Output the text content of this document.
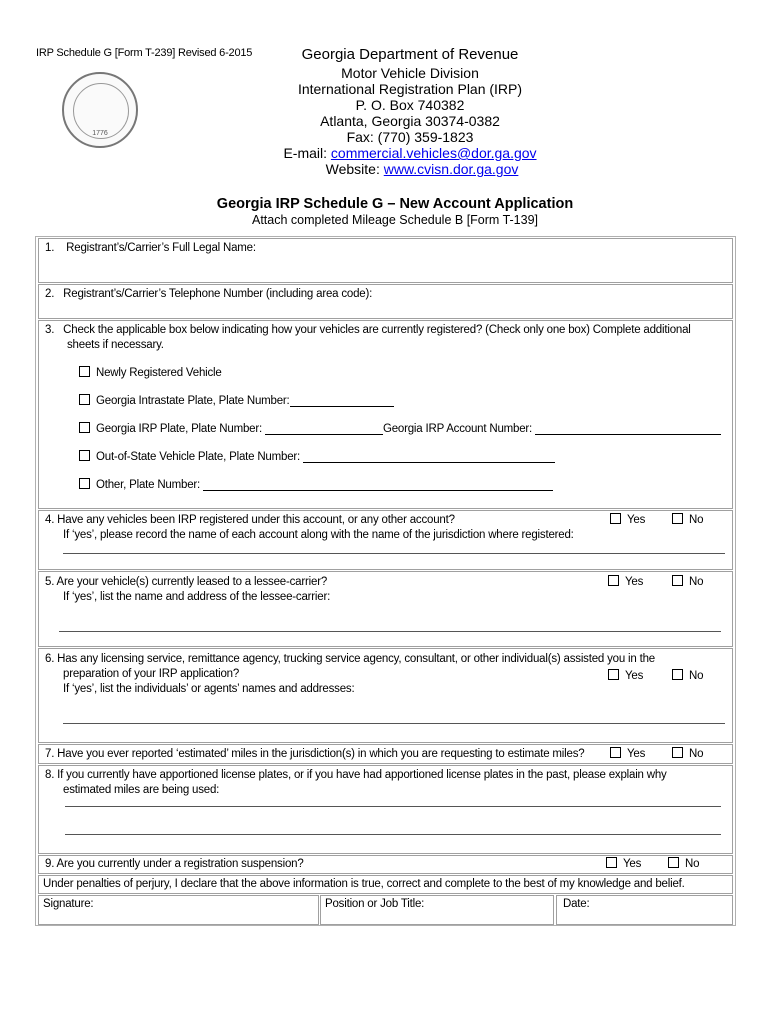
IRP Schedule G [Form T-239] Revised 6-2015
1776
Georgia Department of Revenue
Motor Vehicle Division
International Registration Plan (IRP)
P. O. Box 740382
Atlanta, Georgia 30374-0382
Fax: (770) 359-1823
E-mail: commercial.vehicles@dor.ga.gov
Website: www.cvisn.dor.ga.gov
Georgia IRP Schedule G – New Account Application
Attach completed Mileage Schedule B [Form T-139]
1.    Registrant’s/Carrier’s Full Legal Name:
2.   Registrant’s/Carrier’s Telephone Number (including area code):
3.   Check the applicable box below indicating how your vehicles are currently registered? (Check only one box) Complete additional
sheets if necessary.
Newly Registered Vehicle
Georgia Intrastate Plate, Plate Number:
Georgia IRP Plate, Plate Number:	Georgia IRP Account Number:
Out-of-State Vehicle Plate, Plate Number:
Other, Plate Number:
4. Have any vehicles been IRP registered under this account, or any other account?
If ‘yes’, please record the name of each account along with the name of the jurisdiction where registered:
Yes	No
5. Are your vehicle(s) currently leased to a lessee-carrier?
If ‘yes’, list the name and address of the lessee-carrier:
Yes	No
6. Has any licensing service, remittance agency, trucking service agency, consultant, or other individual(s) assisted you in the
preparation of your IRP application?
If ‘yes’, list the individuals’ or agents’ names and addresses:
Yes	No
7. Have you ever reported ‘estimated’ miles in the jurisdiction(s) in which you are requesting to estimate miles?	Yes	No
8. If you currently have apportioned license plates, or if you have had apportioned license plates in the past, please explain why
estimated miles are being used:
9. Are you currently under a registration suspension?	Yes	No
Under penalties of perjury, I declare that the above information is true, correct and complete to the best of my knowledge and belief.
Signature:	Position or Job Title:	Date:
